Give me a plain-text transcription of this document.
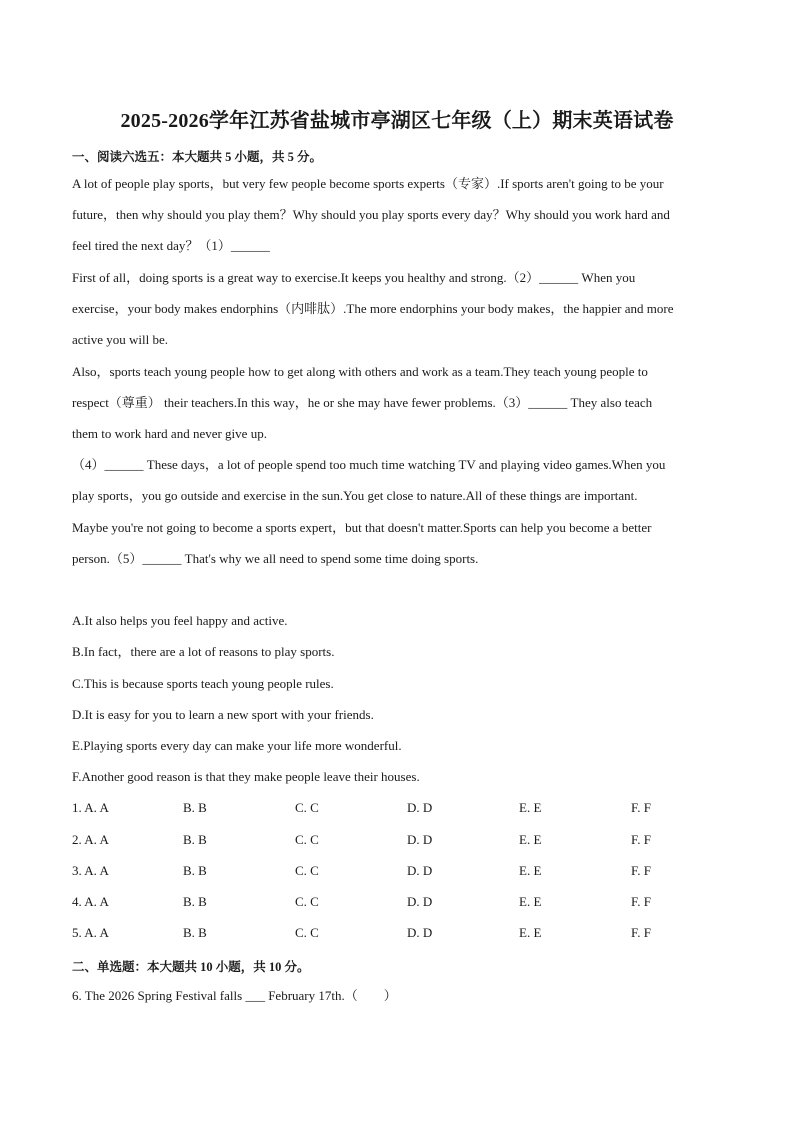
2025-2026学年江苏省盐城市亭湖区七年级（上）期末英语试卷
一、阅读六选五：本大题共 5 小题，共 5 分。
A lot of people play sports，but very few people become sports experts（专家）.If sports aren't going to be your
future，then why should you play them？Why should you play sports every day？Why should you work hard and
feel tired the next day？（1）______
First of all，doing sports is a great way to exercise.It keeps you healthy and strong.（2）______ When you
exercise，your body makes endorphins（内啡肽）.The more endorphins your body makes，the happier and more
active you will be.
Also，sports teach young people how to get along with others and work as a team.They teach young people to
respect（尊重） their teachers.In this way，he or she may have fewer problems.（3）______ They also teach
them to work hard and never give up.
（4）______ These days，a lot of people spend too much time watching TV and playing video games.When you
play sports，you go outside and exercise in the sun.You get close to nature.All of these things are important.
Maybe you're not going to become a sports expert，but that doesn't matter.Sports can help you become a better
person.（5）______ That's why we all need to spend some time doing sports.
A.It also helps you feel happy and active.
B.In fact，there are a lot of reasons to play sports.
C.This is because sports teach young people rules.
D.It is easy for you to learn a new sport with your friends.
E.Playing sports every day can make your life more wonderful.
F.Another good reason is that they make people leave their houses.
1. A. A	B. B	C. C	D. D	E. E	F. F
2. A. A	B. B	C. C	D. D	E. E	F. F
3. A. A	B. B	C. C	D. D	E. E	F. F
4. A. A	B. B	C. C	D. D	E. E	F. F
5. A. A	B. B	C. C	D. D	E. E	F. F
二、单选题：本大题共 10 小题，共 10 分。
6. The 2026 Spring Festival falls ___ February 17th.（　　）
